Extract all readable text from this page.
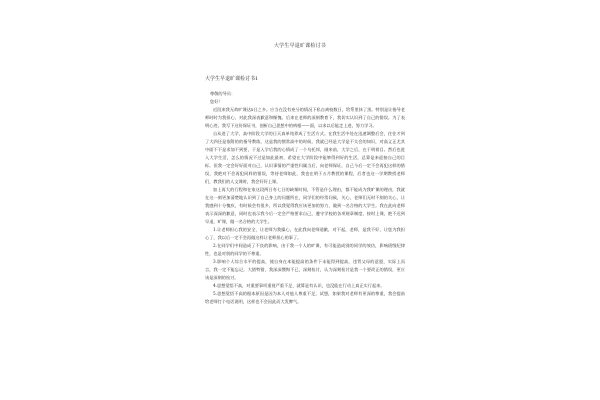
大学生早退旷课检讨书
大学生早退旷课检讨书1

尊敬的导员：

您好！

近段来我无故旷课达x日之多。应当在没有充分的情况下私自离校数日，给系里抹了黑。特别是让指导老师时时为我担心，对此我深表歉意和惭愧。后来在老师的深刻教育下，我切实认识到了自己的错误。为了表明心迹，我写下这份保证书，剖析自己思想中的病根——面，以求以后能走上进，努力学习。

自从进了大学，高中阶段大学的日天真单纯养成了生活方式。在我生活中处在迅速调整后会，往往才到了大四还是依附的的指导教练，这是我的惯常高中的时候，我就已经是大学是不太会的知识，对高义正尤其中面不不是求加不到要，于是入学后我的心情成了一个乌托邦，刚来前，大学之后，在于明着目。然后也进入大学生活，怎么的情况不过是如此最初，希望在大学阶段中能够得到好的生活，总算是来迎接自己的目标。但我一定会好好面对自己，认识事情的严重性归属当后，向老师保证，自己今后一定不会再犯这样的错误，我绝对不会再犯同样的错误，等待老师如此，我也在明于五月教授的课程，后者也这一学期教授老师们，教我们的人文课时，我会好好上课。

加上再大的行程和在家这段两日有七日的缺课时间，不管是什么理由，都不能成为我旷课的理由，我就在这一刻更加清楚地认识到了自己身上的问题所在，同学们的经常问候，关心，老师们无时不刻的关心，让我感到十分愧疚，有时候会有很多，所以我觉得我应该更加的努力，做到一名合格的大学生。我在此向老师表示深深的歉意，同时也表示我今后一定会严格要求自己，遵守学校的各项规章制度，按时上课，绝不迟到早退，旷课，做一名合格的大学生。

1.让老师担心我的安全，让老师为我操心，在此我向老师道歉，对不起，老师，是我不好，让您为我担心了，我以后一定不会再做这样让老师担心的事了。

2.在同学们中间造成了不良的影响，由于我一个人的旷课，有可能造成别的同学的效仿，影响班级纪律性，也是对别的同学的不尊重。

3.影响个人综合水平的提高，使自身在本能提高的条件下未能得到提高，违背父母的意愿，实际上而言，我一定不能忘记，大错特错，我深深懊悔不已，深刻检讨，认为深刻检讨是我一个要改正的错误，更应该是深刻的检讨。

4.思想觉悟不高，对重要事项重视严重不足，就算是有认识，也没能在行动上真正实行起来。

5.思想觉悟不高的根本原因是因为本人对他人尊重不足，试想，如果我对老师有更深的尊重，我会提前给老师打个电话说明，这样也不会因此而大发脾气。
